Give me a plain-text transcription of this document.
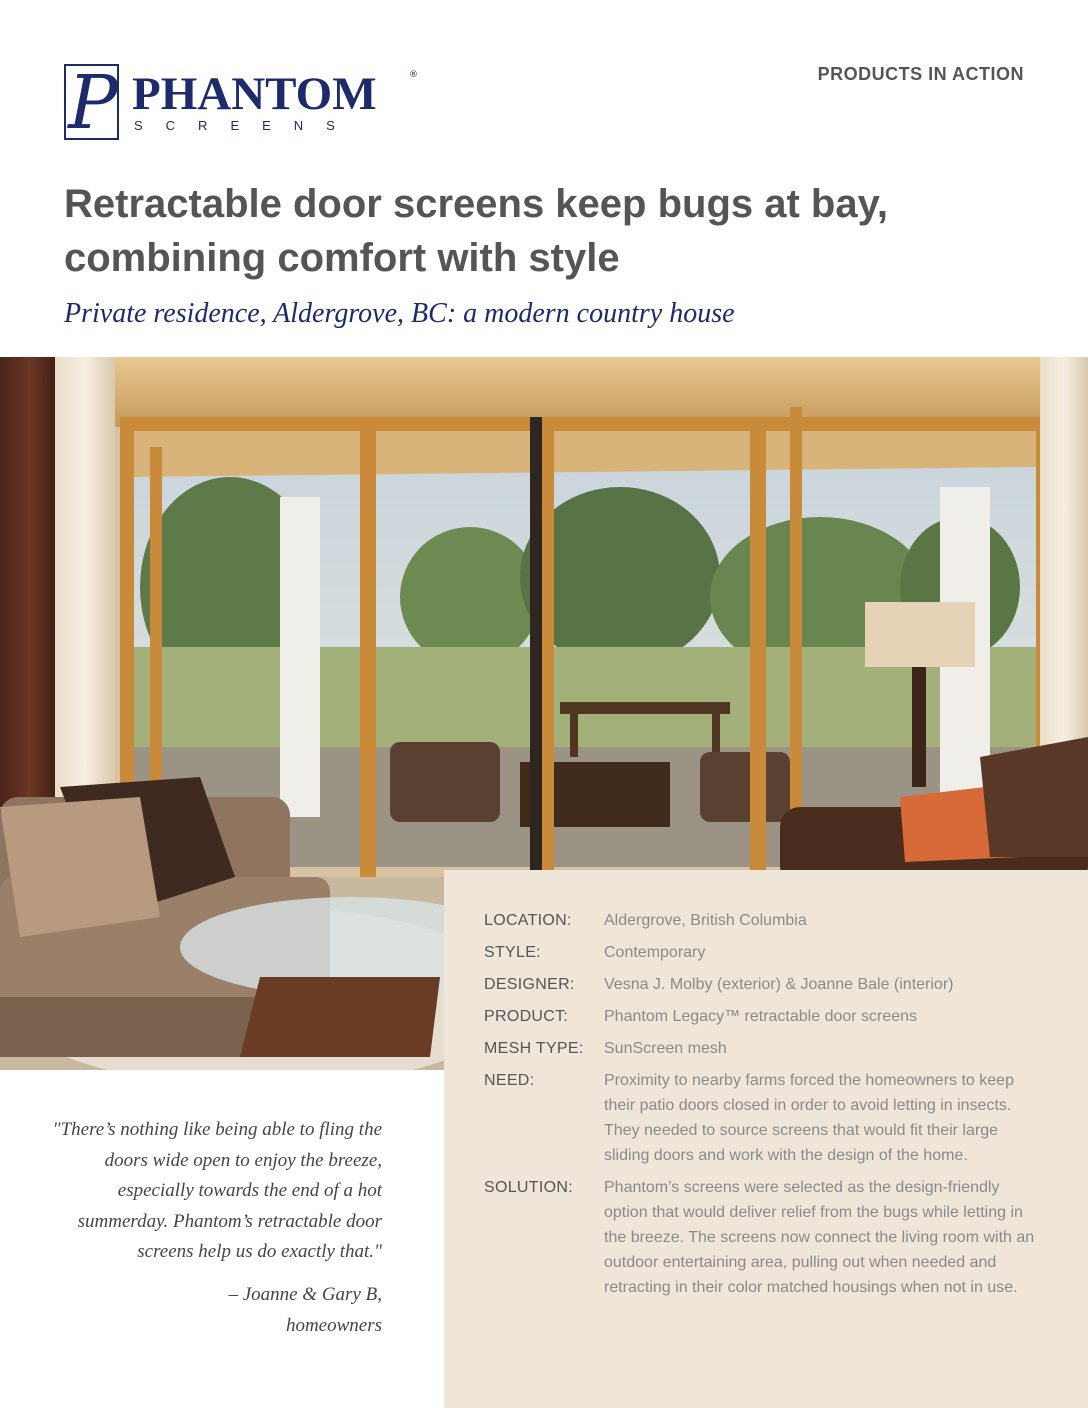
P PHANTOM	®
SCREENS
PRODUCTS IN ACTION
Retractable door screens keep bugs at bay, combining comfort with style
Private residence, Aldergrove, BC: a modern country house
LOCATION:	Aldergrove, British Columbia
STYLE:	Contemporary
DESIGNER:	Vesna J. Molby (exterior) & Joanne Bale (interior)
PRODUCT:	Phantom Legacy™ retractable door screens
MESH TYPE:	SunScreen mesh
NEED:	Proximity to nearby farms forced the homeowners to keep their patio doors closed in order to avoid letting in insects. They needed to source screens that would fit their large sliding doors and work with the design of the home.
SOLUTION:	Phantom’s screens were selected as the design-friendly option that would deliver relief from the bugs while letting in the breeze. The screens now connect the living room with an outdoor entertaining area, pulling out when needed and retracting in their color matched housings when not in use.
"There’s nothing like being able to fling the doors wide open to enjoy the breeze, especially towards the end of a hot summerday. Phantom’s retractable door screens help us do exactly that."
– Joanne & Gary B,
homeowners
